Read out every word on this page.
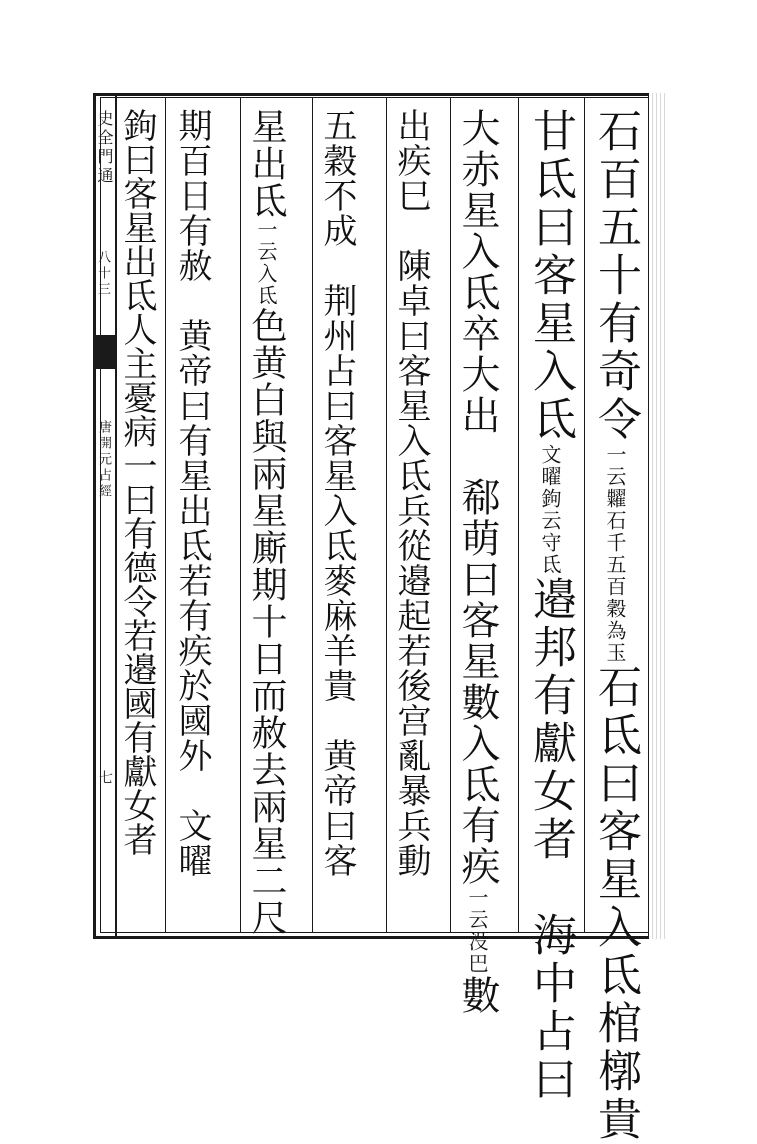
史全門通
八十三
唐開元占經
七
石百五十有奇令一云糶石千五百穀為玉石氐曰客星入氐棺槨貴
甘氐曰客星入氐文曜鉤云守氐邉邦有獻女者　海中占曰
大赤星入氐卒大出　郗萌曰客星數入氐有疾一云没巴數
出疾巳　陳卓曰客星入氐兵從邉起若後宫亂暴兵動
五穀不成　荆州占曰客星入氐麥麻羊貴　黄帝曰客
星出氐一云入氐色黄白與兩星廝期十日而赦去兩星二尺
期百日有赦　黄帝曰有星出氐若有疾於國外　文曜
鉤曰客星出氐人主憂病一曰有德令若邉國有獻女者
